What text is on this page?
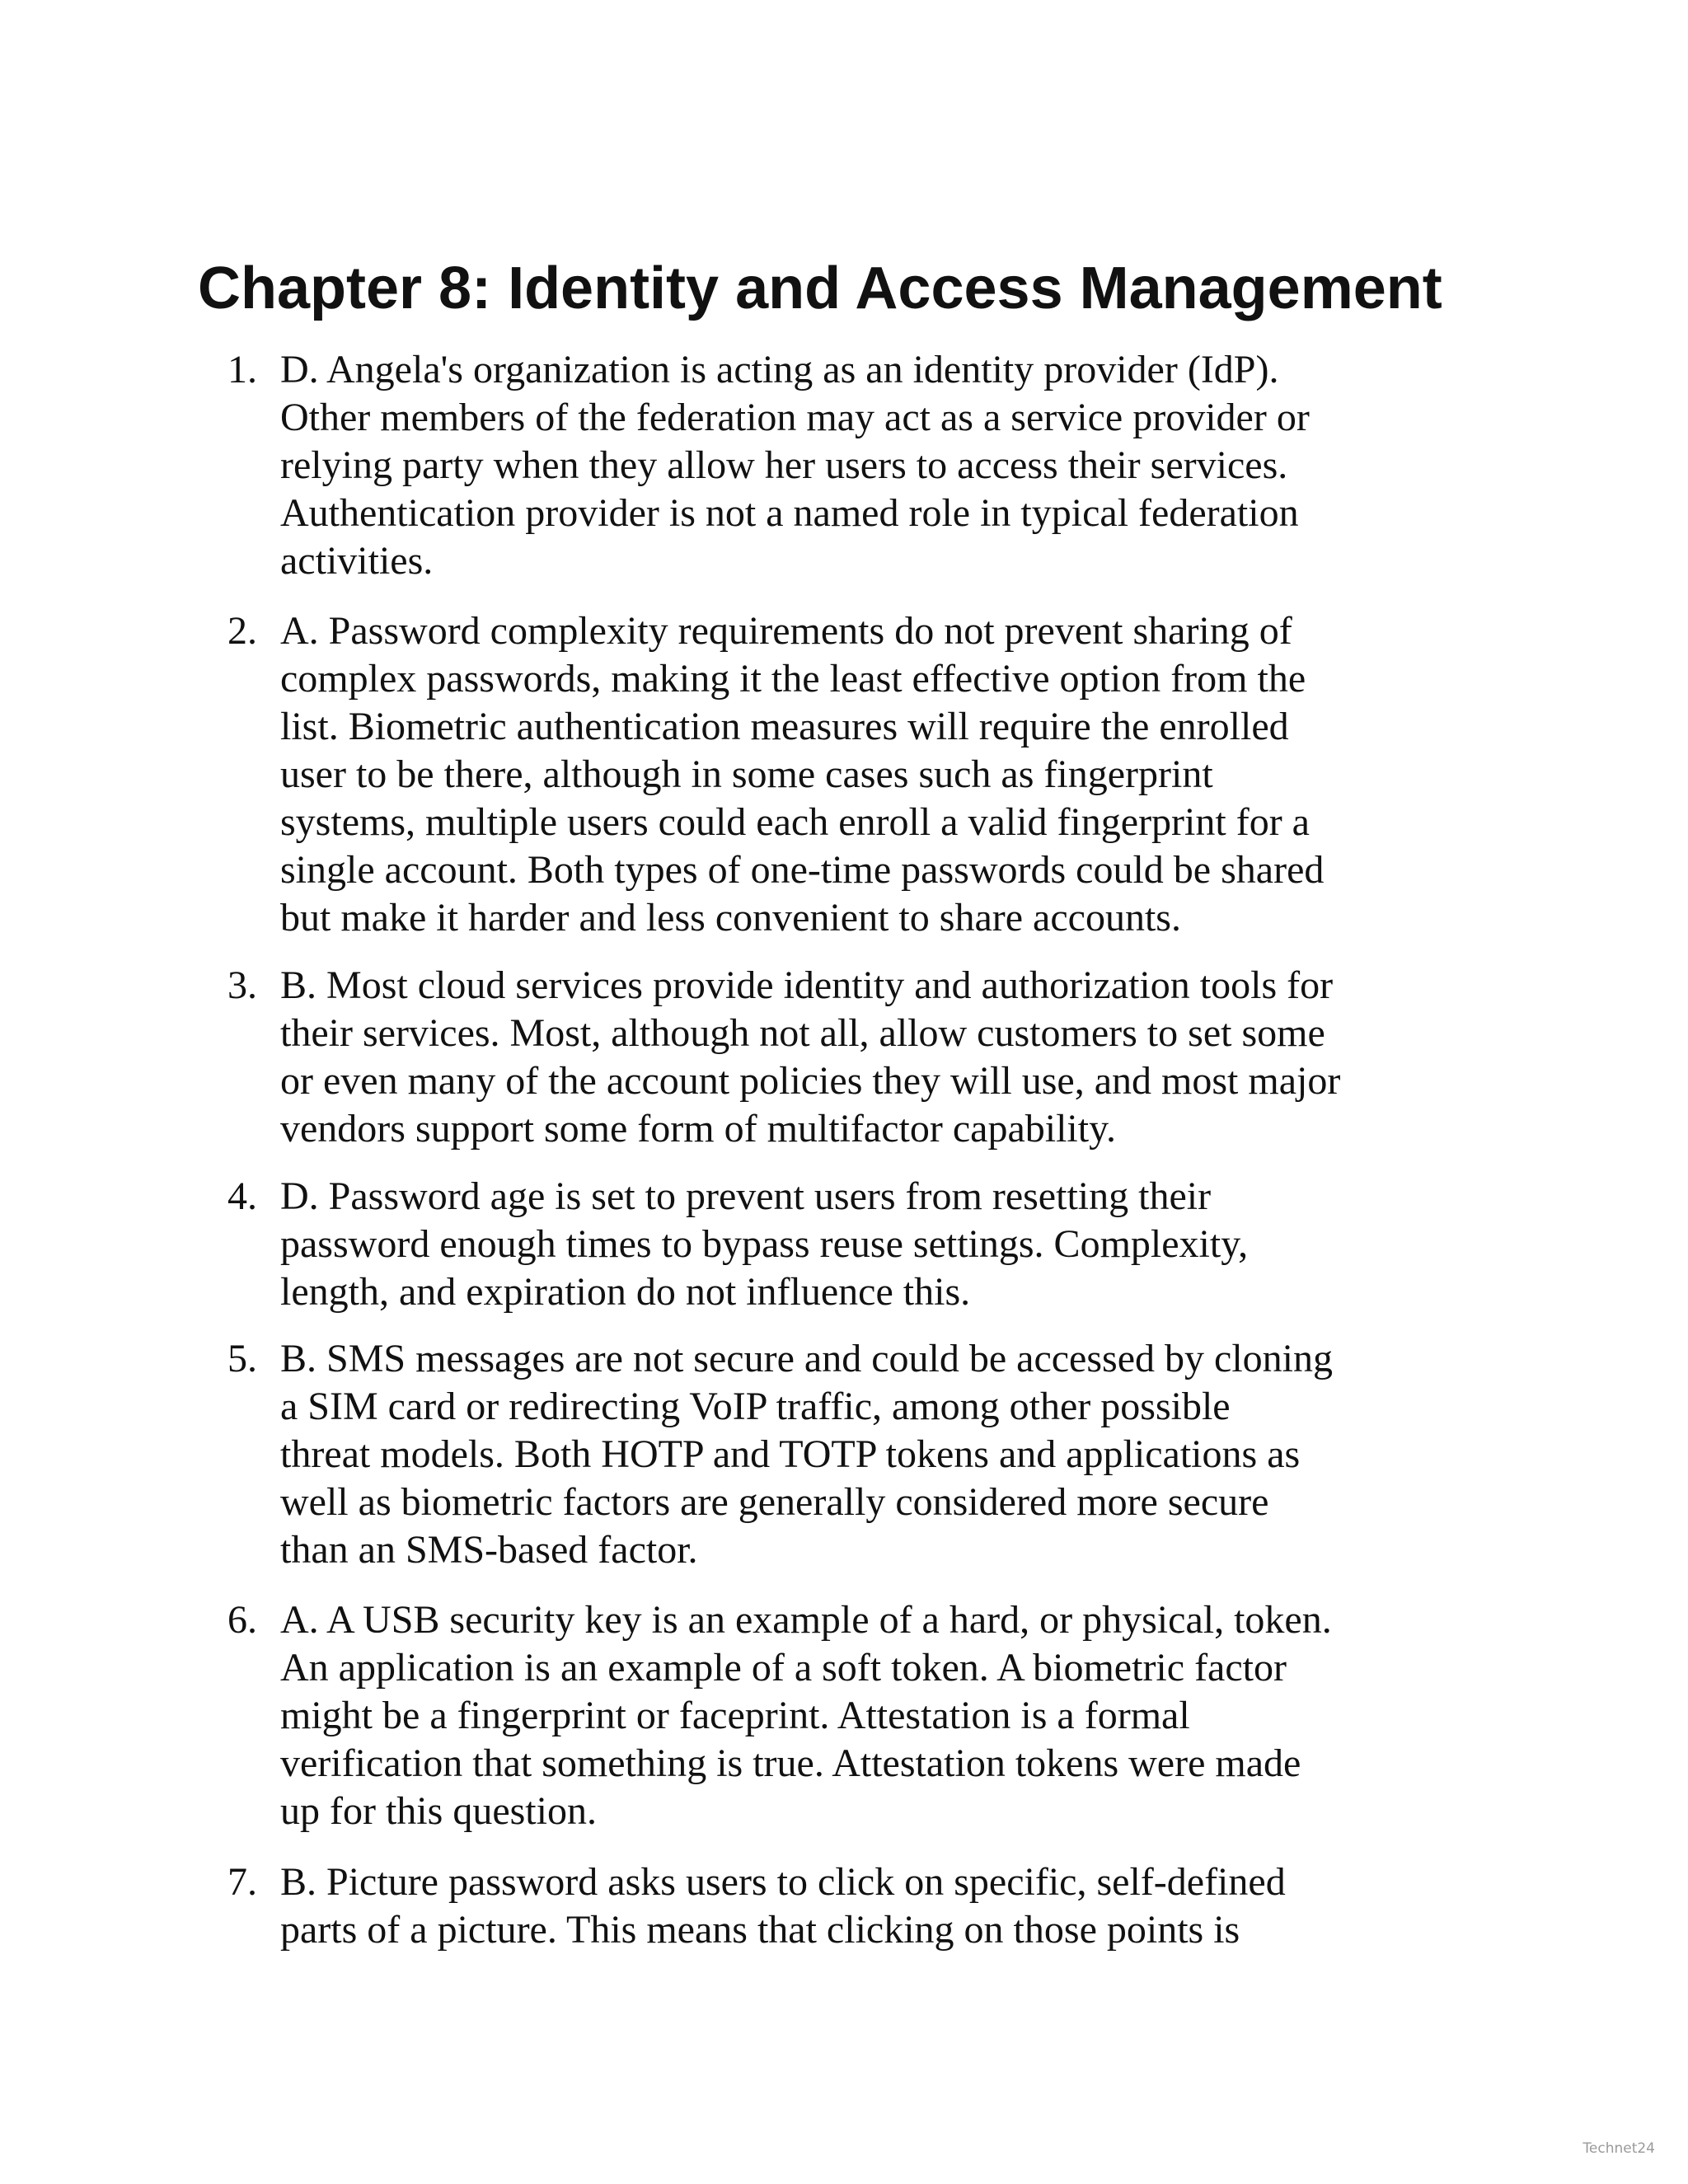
Chapter 8: Identity and Access Management
1. D. Angela's organization is acting as an identity provider (IdP).
Other members of the federation may act as a service provider or
relying party when they allow her users to access their services.
Authentication provider is not a named role in typical federation
activities.
2. A. Password complexity requirements do not prevent sharing of
complex passwords, making it the least effective option from the
list. Biometric authentication measures will require the enrolled
user to be there, although in some cases such as fingerprint
systems, multiple users could each enroll a valid fingerprint for a
single account. Both types of one-time passwords could be shared
but make it harder and less convenient to share accounts.
3. B. Most cloud services provide identity and authorization tools for
their services. Most, although not all, allow customers to set some
or even many of the account policies they will use, and most major
vendors support some form of multifactor capability.
4. D. Password age is set to prevent users from resetting their
password enough times to bypass reuse settings. Complexity,
length, and expiration do not influence this.
5. B. SMS messages are not secure and could be accessed by cloning
a SIM card or redirecting VoIP traffic, among other possible
threat models. Both HOTP and TOTP tokens and applications as
well as biometric factors are generally considered more secure
than an SMS-based factor.
6. A. A USB security key is an example of a hard, or physical, token.
An application is an example of a soft token. A biometric factor
might be a fingerprint or faceprint. Attestation is a formal
verification that something is true. Attestation tokens were made
up for this question.
7. B. Picture password asks users to click on specific, self-defined
parts of a picture. This means that clicking on those points is
Technet24
